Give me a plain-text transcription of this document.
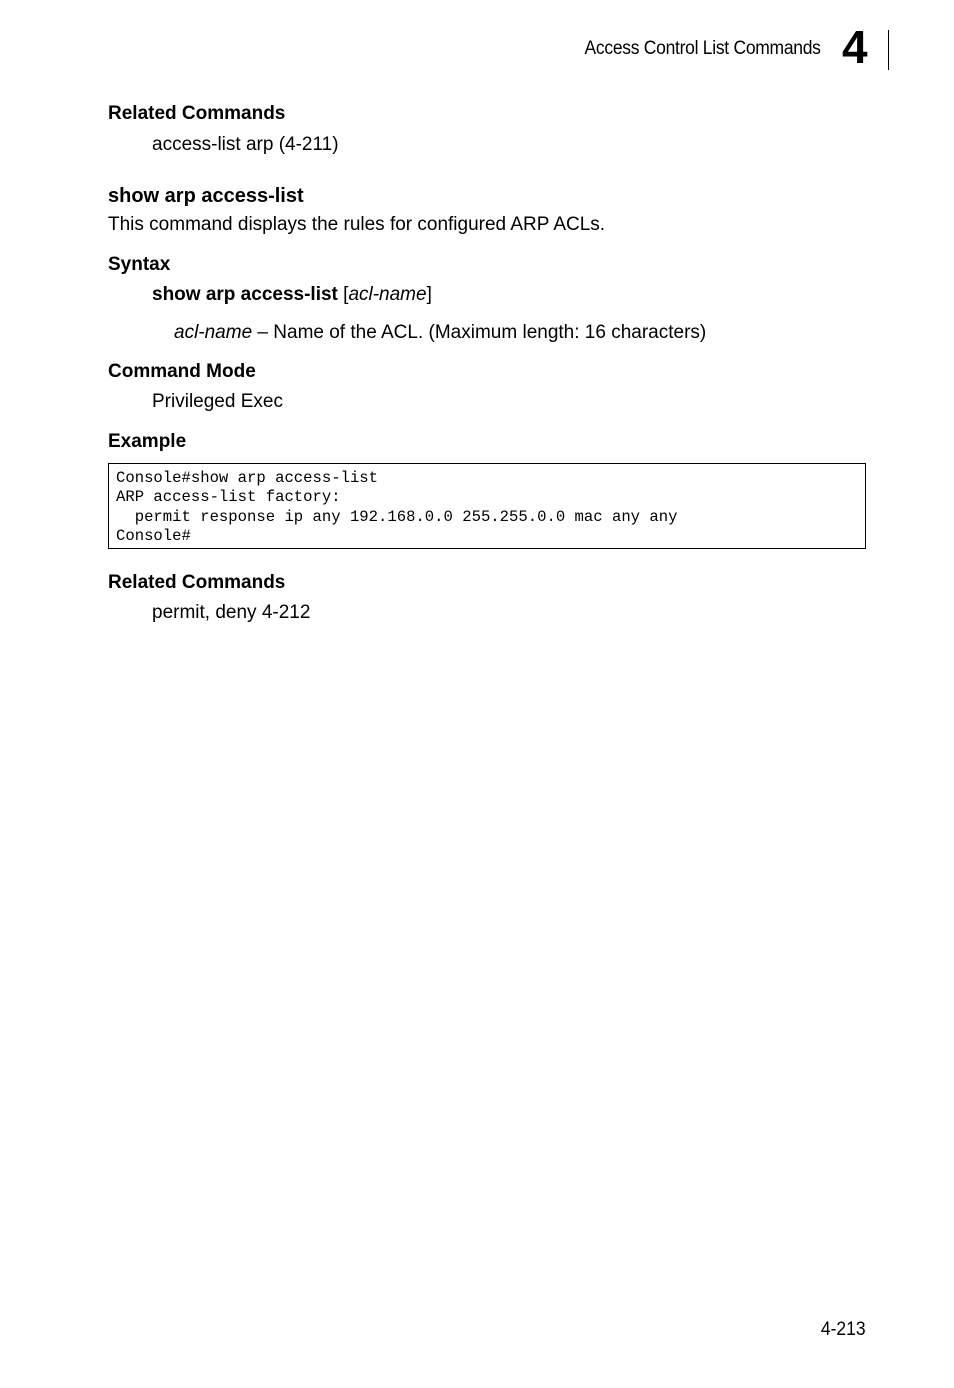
Access Control List Commands 4
Related Commands
access-list arp (4-211)
show arp access-list
This command displays the rules for configured ARP ACLs.
Syntax
show arp access-list [acl-name]
acl-name – Name of the ACL. (Maximum length: 16 characters)
Command Mode
Privileged Exec
Example
Console#show arp access-list
ARP access-list factory:
permit response ip any 192.168.0.0 255.255.0.0 mac any any
Console#
Related Commands
permit, deny 4-212
4-213
